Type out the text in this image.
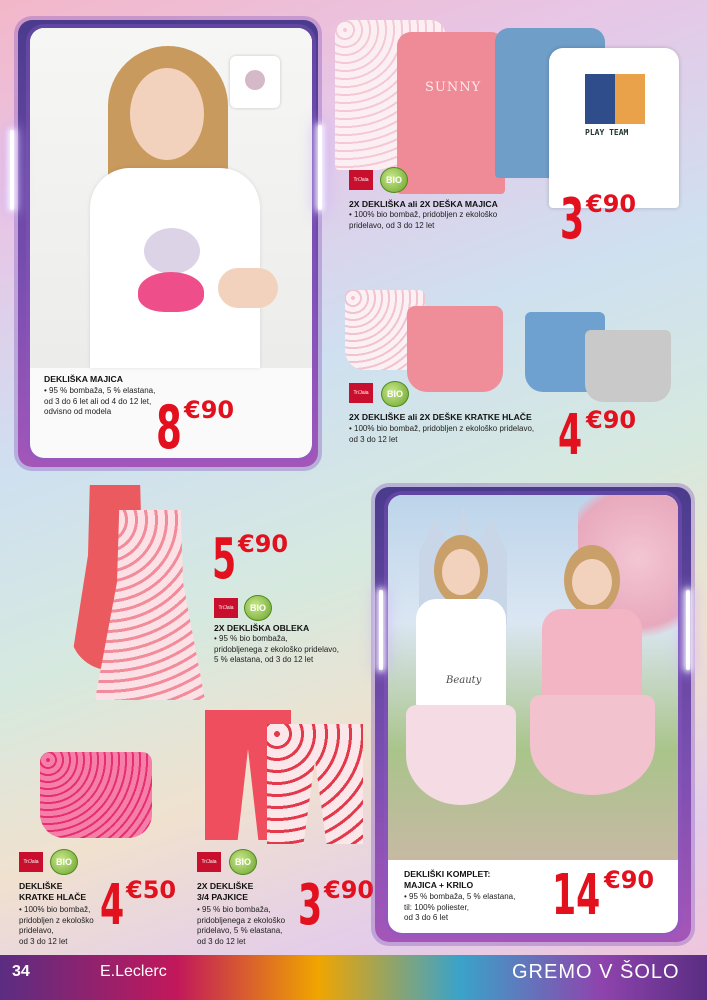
DEKLIŠKA MAJICA
• 95 % bombaža, 5 % elastana,
od 3 do 6 let ali od 4 do 12 let,
odvisno od modela 8 €90
SUNNY
PLAY TEAM
Tr/Jaia	BIO
2X DEKLIŠKA ali 2X DEŠKA MAJICA
• 100% bio bombaž, pridobljen z ekološko
pridelavo, od 3 do 12 let	3 €90
Tr/Jaia	BIO
2X DEKLIŠKE ali 2X DEŠKE KRATKE HLAČE
• 100% bio bombaž, pridobljen z ekološko pridelavo,
od 3 do 12 let	4 €90
5 €90
Tr/Jaia	BIO
2X DEKLIŠKA OBLEKA
• 95 % bio bombaža,
pridobljenega z ekološko pridelavo,
5 % elastana, od 3 do 12 let
Tr/Jaia	BIO
DEKLIŠKE
KRATKE HLAČE
• 100% bio bombaž,
pridobljen z ekološko
pridelavo,
od 3 do 12 let
4 €50
Tr/Jaia	BIO
2X DEKLIŠKE
3/4 PAJKICE
• 95 % bio bombaža,
pridobljenega z ekološko
pridelavo, 5 % elastana,
od 3 do 12 let
3 €90
Beauty
DEKLIŠKI KOMPLET:
MAJICA + KRILO
• 95 % bombaža, 5 % elastana,
til: 100% poliester,
od 3 do 6 let	14 €90
34	E.Leclerc	GREMO V ŠOLO
